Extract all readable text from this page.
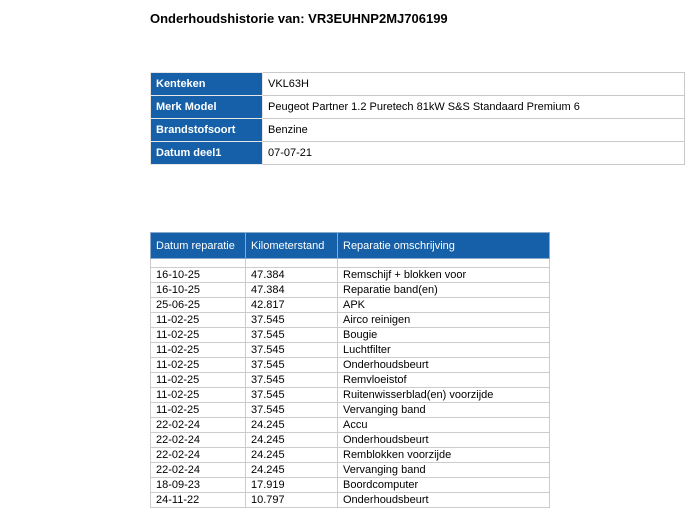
Onderhoudshistorie van: VR3EUHNP2MJ706199
Kenteken	VKL63H
Merk Model	Peugeot Partner 1.2 Puretech 81kW S&S Standaard Premium 6
Brandstofsoort	Benzine
Datum deel1	07-07-21
Datum reparatie	Kilometerstand	Reparatie omschrijving

16-10-25	47.384	Remschijf + blokken voor
16-10-25	47.384	Reparatie band(en)
25-06-25	42.817	APK
11-02-25	37.545	Airco reinigen
11-02-25	37.545	Bougie
11-02-25	37.545	Luchtfilter
11-02-25	37.545	Onderhoudsbeurt
11-02-25	37.545	Remvloeistof
11-02-25	37.545	Ruitenwisserblad(en) voorzijde
11-02-25	37.545	Vervanging band
22-02-24	24.245	Accu
22-02-24	24.245	Onderhoudsbeurt
22-02-24	24.245	Remblokken voorzijde
22-02-24	24.245	Vervanging band
18-09-23	17.919	Boordcomputer
24-11-22	10.797	Onderhoudsbeurt
